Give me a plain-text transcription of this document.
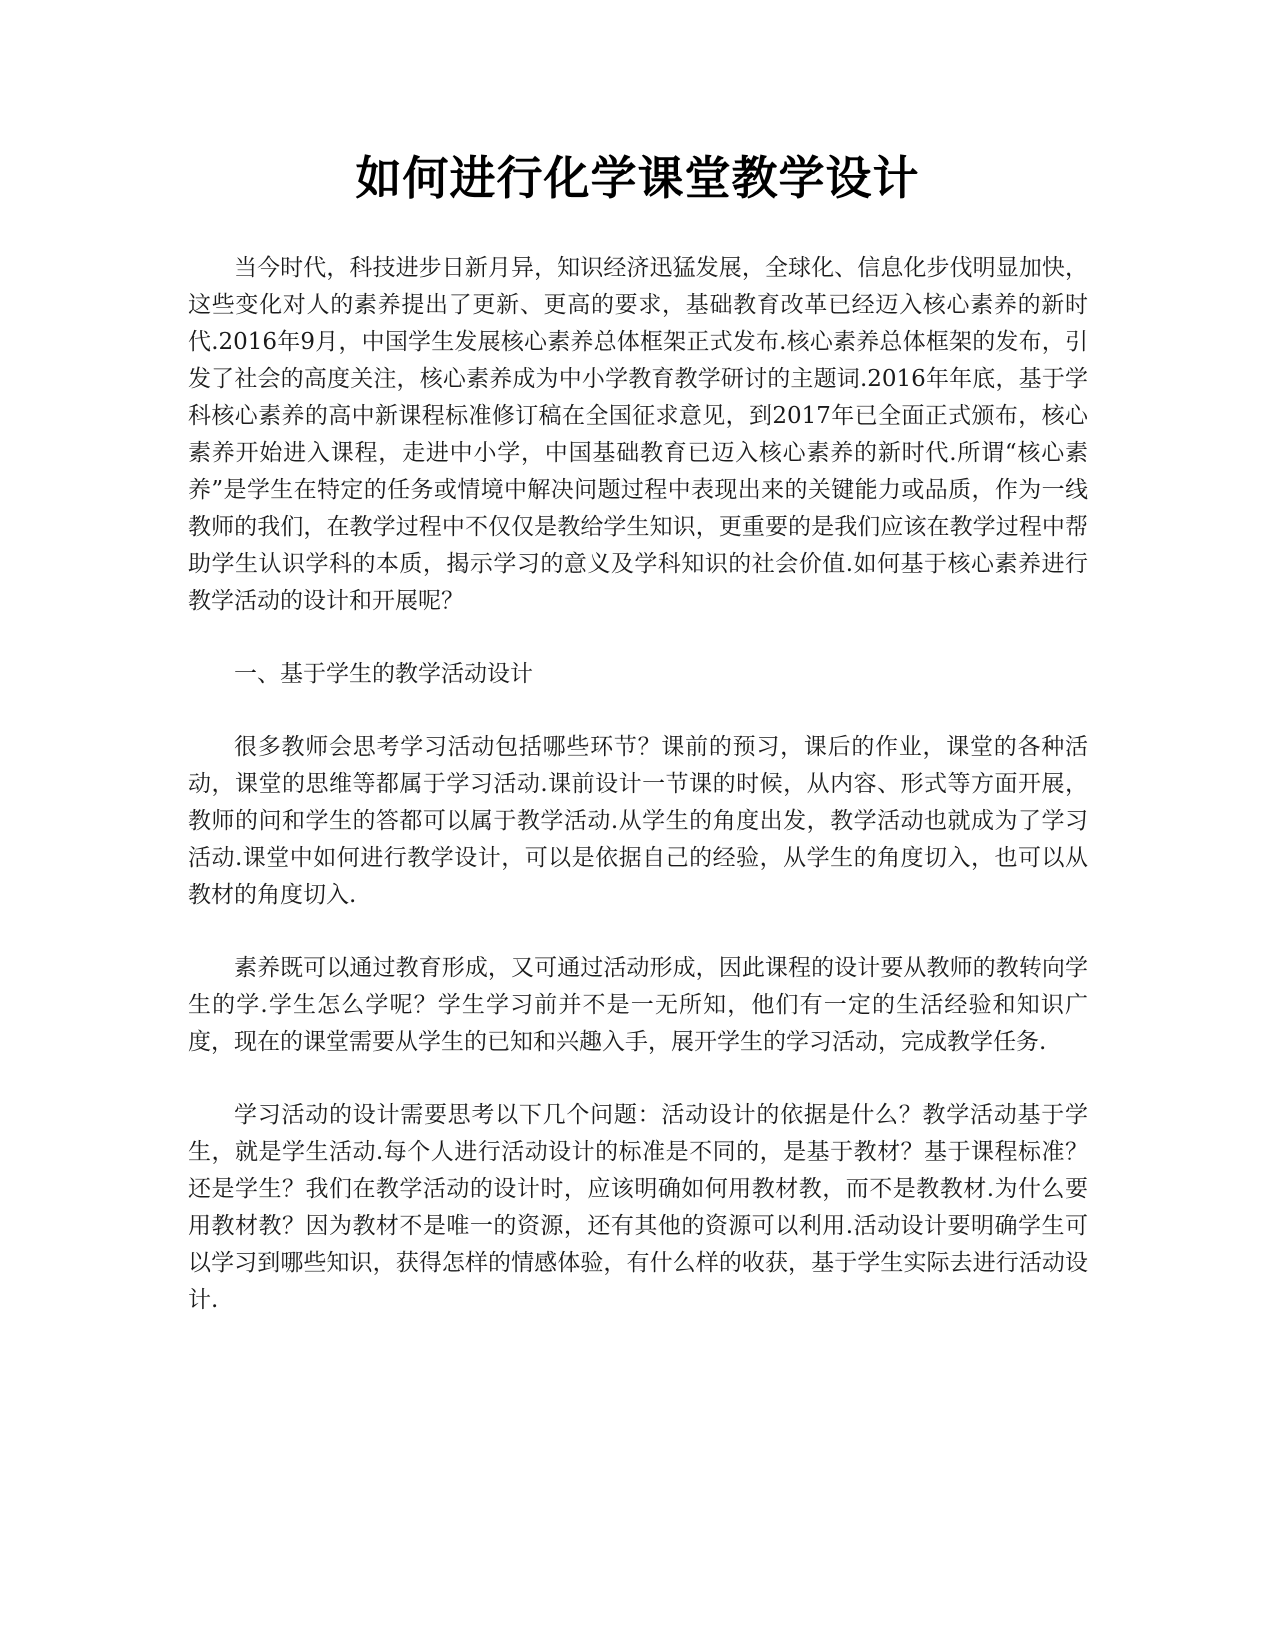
如何进行化学课堂教学设计

当今时代，科技进步日新月异，知识经济迅猛发展，全球化、信息化步伐明显加快，这些变化对人的素养提出了更新、更高的要求，基础教育改革已经迈入核心素养的新时代.2016年9月，中国学生发展核心素养总体框架正式发布.核心素养总体框架的发布，引发了社会的高度关注，核心素养成为中小学教育教学研讨的主题词.2016年年底，基于学科核心素养的高中新课程标准修订稿在全国征求意见，到2017年已全面正式颁布，核心素养开始进入课程，走进中小学，中国基础教育已迈入核心素养的新时代.所谓“核心素养”是学生在特定的任务或情境中解决问题过程中表现出来的关键能力或品质，作为一线教师的我们，在教学过程中不仅仅是教给学生知识，更重要的是我们应该在教学过程中帮助学生认识学科的本质，揭示学习的意义及学科知识的社会价值.如何基于核心素养进行教学活动的设计和开展呢？

一、基于学生的教学活动设计

很多教师会思考学习活动包括哪些环节？课前的预习，课后的作业，课堂的各种活动，课堂的思维等都属于学习活动.课前设计一节课的时候，从内容、形式等方面开展，教师的问和学生的答都可以属于教学活动.从学生的角度出发，教学活动也就成为了学习活动.课堂中如何进行教学设计，可以是依据自己的经验，从学生的角度切入，也可以从教材的角度切入.

素养既可以通过教育形成，又可通过活动形成，因此课程的设计要从教师的教转向学生的学.学生怎么学呢？学生学习前并不是一无所知，他们有一定的生活经验和知识广度，现在的课堂需要从学生的已知和兴趣入手，展开学生的学习活动，完成教学任务.

学习活动的设计需要思考以下几个问题：活动设计的依据是什么？教学活动基于学生，就是学生活动.每个人进行活动设计的标准是不同的，是基于教材？基于课程标准？还是学生？我们在教学活动的设计时，应该明确如何用教材教，而不是教教材.为什么要用教材教？因为教材不是唯一的资源，还有其他的资源可以利用.活动设计要明确学生可以学习到哪些知识，获得怎样的情感体验，有什么样的收获，基于学生实际去进行活动设计.
